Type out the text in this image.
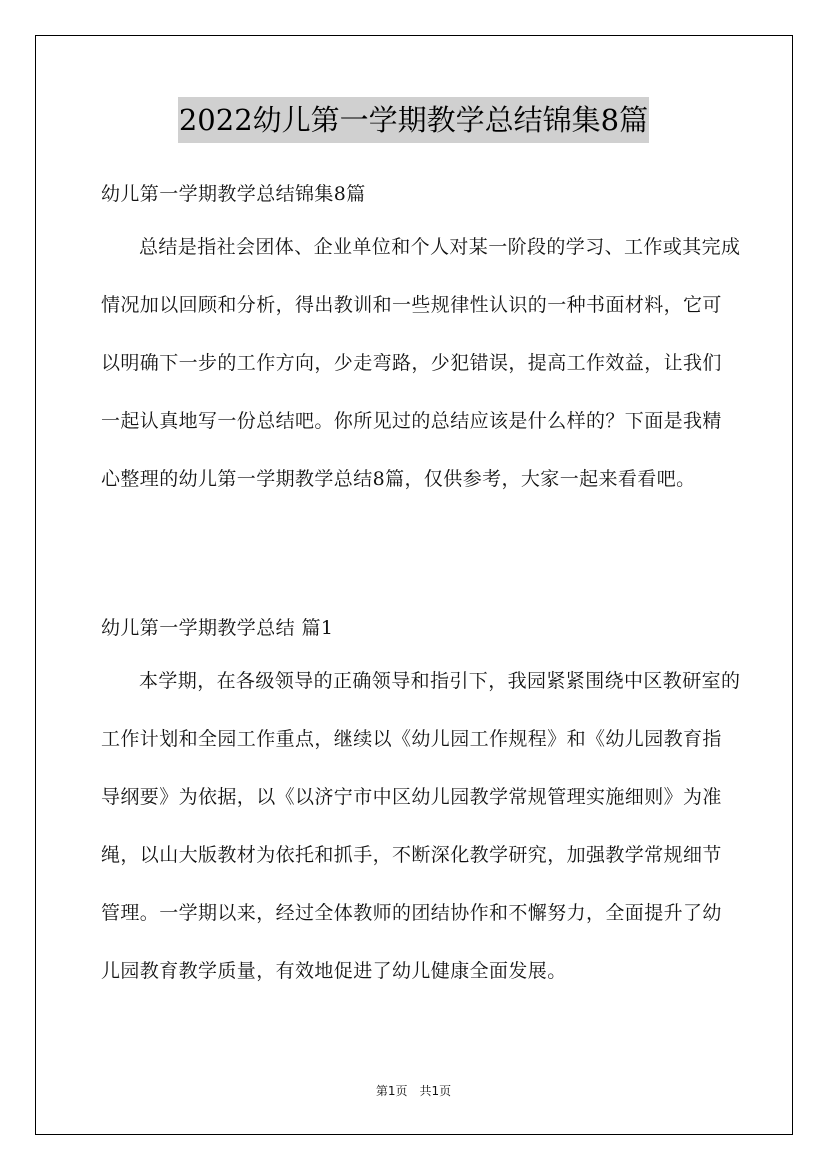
2022幼儿第一学期教学总结锦集8篇

幼儿第一学期教学总结锦集8篇

总结是指社会团体、企业单位和个人对某一阶段的学习、工作或其完成情况加以回顾和分析，得出教训和一些规律性认识的一种书面材料，它可以明确下一步的工作方向，少走弯路，少犯错误，提高工作效益，让我们一起认真地写一份总结吧。你所见过的总结应该是什么样的？下面是我精心整理的幼儿第一学期教学总结8篇，仅供参考，大家一起来看看吧。

幼儿第一学期教学总结 篇1

本学期，在各级领导的正确领导和指引下，我园紧紧围绕中区教研室的工作计划和全园工作重点，继续以《幼儿园工作规程》和《幼儿园教育指导纲要》为依据，以《以济宁市中区幼儿园教学常规管理实施细则》为准绳，以山大版教材为依托和抓手，不断深化教学研究，加强教学常规细节管理。一学期以来，经过全体教师的团结协作和不懈努力，全面提升了幼儿园教育教学质量，有效地促进了幼儿健康全面发展。

第1页　共1页
